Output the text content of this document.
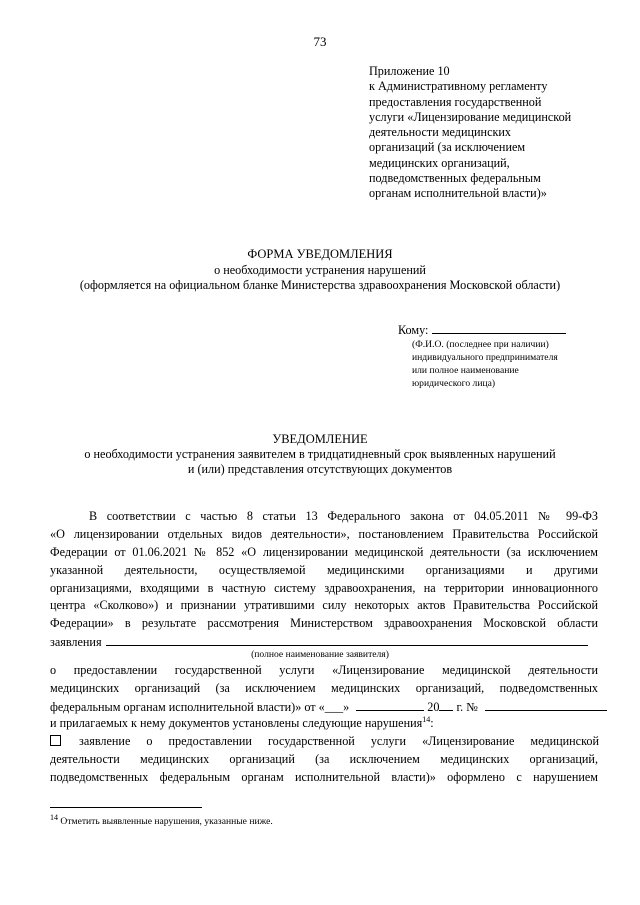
73
Приложение 10
к Административному регламенту
предоставления государственной
услуги «Лицензирование медицинской
деятельности медицинских
организаций (за исключением
медицинских организаций,
подведомственных федеральным
органам исполнительной власти)»
ФОРМА УВЕДОМЛЕНИЯ
о необходимости устранения нарушений
(оформляется на официальном бланке Министерства здравоохранения Московской области)
Кому:
(Ф.И.О. (последнее при наличии)
индивидуального предпринимателя
или полное наименование
юридического лица)
УВЕДОМЛЕНИЕ
о необходимости устранения заявителем в тридцатидневный срок выявленных нарушений
и (или) представления отсутствующих документов
В соответствии с частью 8 статьи 13 Федерального закона от 04.05.2011 № 99-ФЗ
«О лицензировании отдельных видов деятельности», постановлением Правительства Российской
Федерации от 01.06.2021 № 852 «О лицензировании медицинской деятельности (за исключением
указанной деятельности, осуществляемой медицинскими организациями и другими
организациями, входящими в частную систему здравоохранения, на территории инновационного
центра «Сколково») и признании утратившими силу некоторых актов Правительства Российской
Федерации» в результате рассмотрения Министерством здравоохранения Московской области
заявления
(полное наименование заявителя)
о предоставлении государственной услуги «Лицензирование медицинской деятельности
медицинских организаций (за исключением медицинских организаций, подведомственных
федеральным органам исполнительной власти)» от «___»	20 г. №
и прилагаемых к нему документов установлены следующие нарушения$^{14}$:
заявление о предоставлении государственной услуги «Лицензирование медицинской
деятельности медицинских организаций (за исключением медицинских организаций,
подведомственных федеральным органам исполнительной власти)» оформлено с нарушением
$^{14}$ Отметить выявленные нарушения, указанные ниже.
